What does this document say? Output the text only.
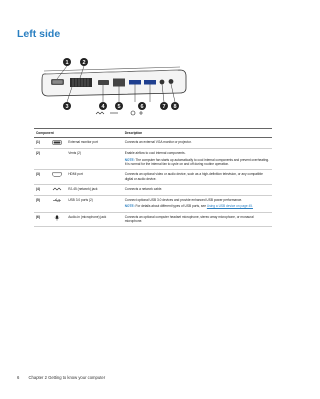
Left side
1	2
3	4 5	6	7 8
Component			Description
(1)		External monitor port	Connects an external VGA monitor or projector.
(2)		Vents (2)	Enable airflow to cool internal components.

NOTE: The computer fan starts up automatically to cool internal components and prevent overheating. It is normal for the internal fan to cycle on and off during routine operation.

(3)		HDMI port	Connects an optional video or audio device, such as a high-definition television, or any compatible digital or audio device.
(4)		RJ-45 (network) jack	Connects a network cable.
(5)		USB 3.0 ports (2)	Connect optional USB 3.0 devices and provide enhanced USB power performance.

NOTE: For details about different types of USB ports, see Using a USB device on page 45.

(6)		Audio-in (microphone) jack	Connects an optional computer headset microphone, stereo array microphone, or monaural microphone.
6 Chapter 2 Getting to know your computer
